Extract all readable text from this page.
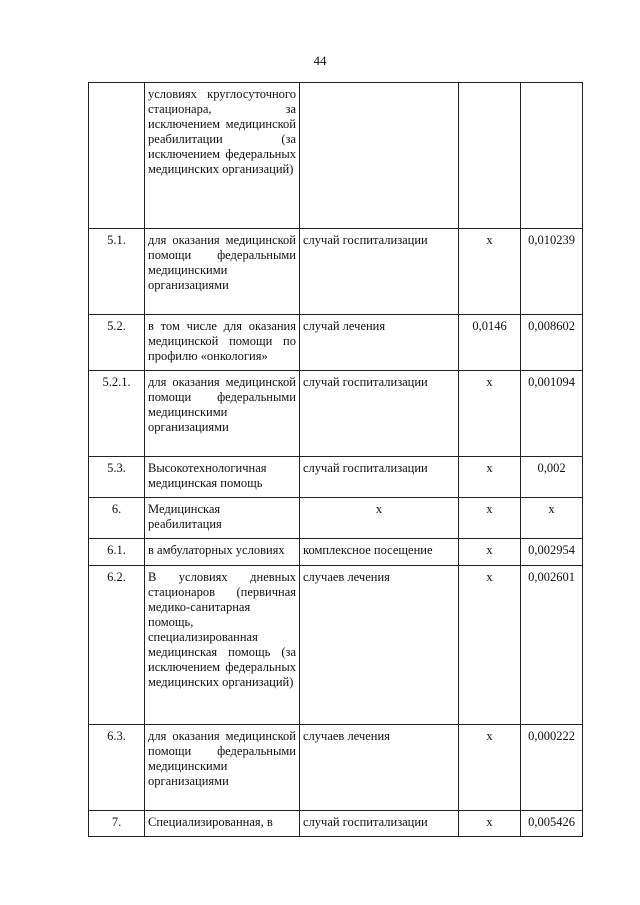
44
	условиях круглосуточного стационара, за исключением медицинской реабилитации (за исключением федеральных медицинских организаций)			
5.1.	для оказания медицинской помощи федеральными медицинскими организациями	случай госпитализации	х	0,010239
5.2.	в том числе для оказания медицинской помощи по профилю «онкология»	случай лечения	0,0146	0,008602
5.2.1.	для оказания медицинской помощи федеральными медицинскими организациями	случай госпитализации	х	0,001094
5.3.	Высокотехнологичная медицинская помощь	случай госпитализации	х	0,002
6.	Медицинская реабилитация	х	х	х
6.1.	в амбулаторных условиях	комплексное посещение	х	0,002954
6.2.	В условиях дневных стационаров (первичная медико-санитарная помощь, специализированная медицинская помощь (за исключением федеральных медицинских организаций)	случаев лечения	х	0,002601
6.3.	для оказания медицинской помощи федеральными медицинскими организациями	случаев лечения	х	0,000222
7.	Специализированная, в	случай госпитализации	х	0,005426
